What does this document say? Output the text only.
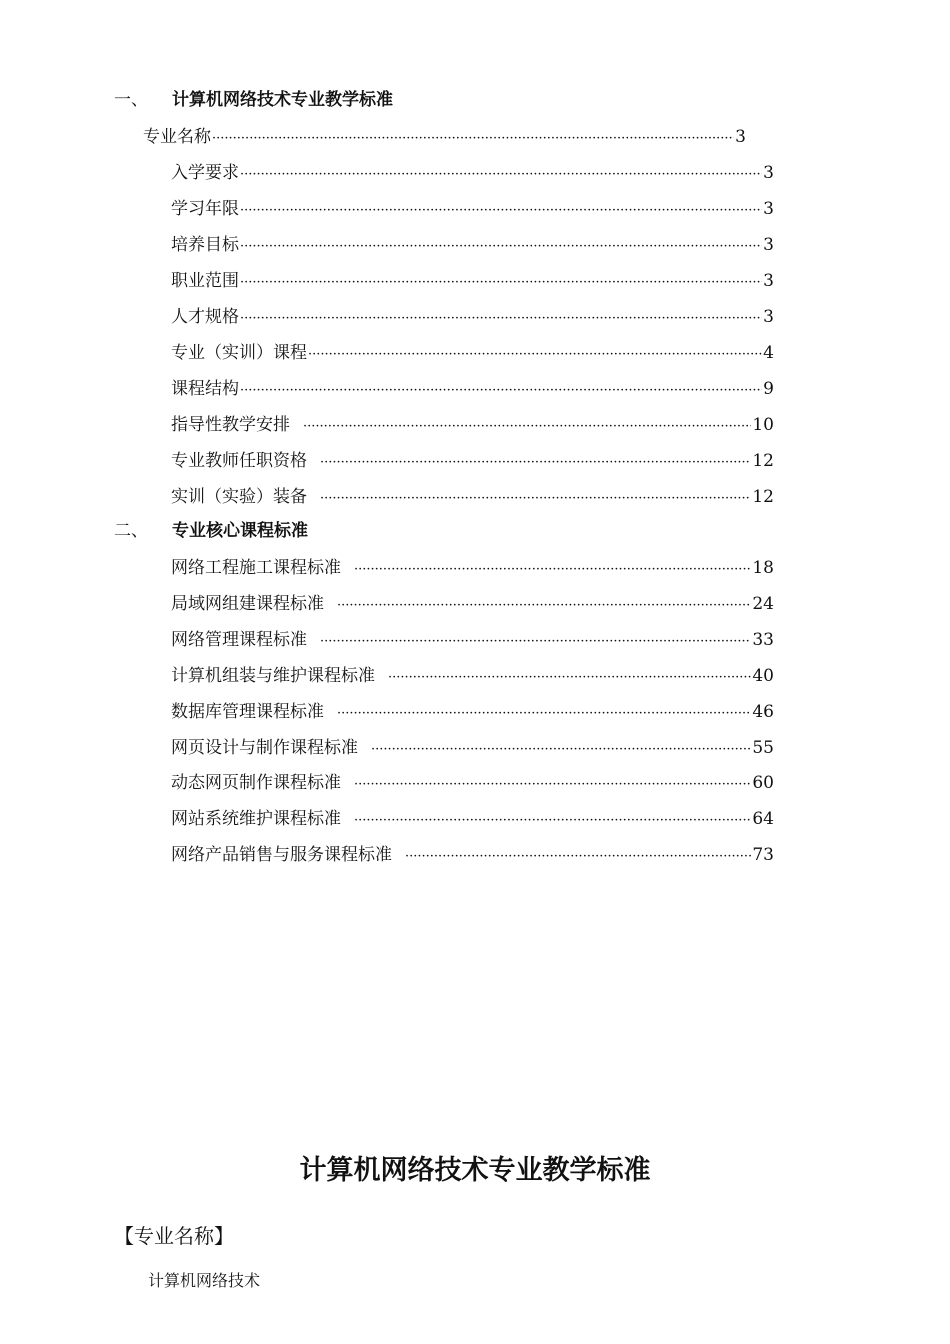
一、 计算机网络技术专业教学标准
专业名称 ·····	3
入学要求 ·····	3
学习年限 ·····	3
培养目标 ·····	3
职业范围 ·····	3
人才规格 ·····	3
专业（实训）课程 ·····	4
课程结构 ·····	9
指导性教学安排 ·····	10
专业教师任职资格 ·····	12
实训（实验）装备 ·····	12
二、 专业核心课程标准
网络工程施工课程标准 ·····	18
局域网组建课程标准 ·····	24
网络管理课程标准 ·····	33
计算机组装与维护课程标准 ·····	40
数据库管理课程标准 ·····	46
网页设计与制作课程标准 ·····	55
动态网页制作课程标准 ·····	60
网站系统维护课程标准 ·····	64
网络产品销售与服务课程标准 ·····	73
计算机网络技术专业教学标准
【专业名称】
计算机网络技术
